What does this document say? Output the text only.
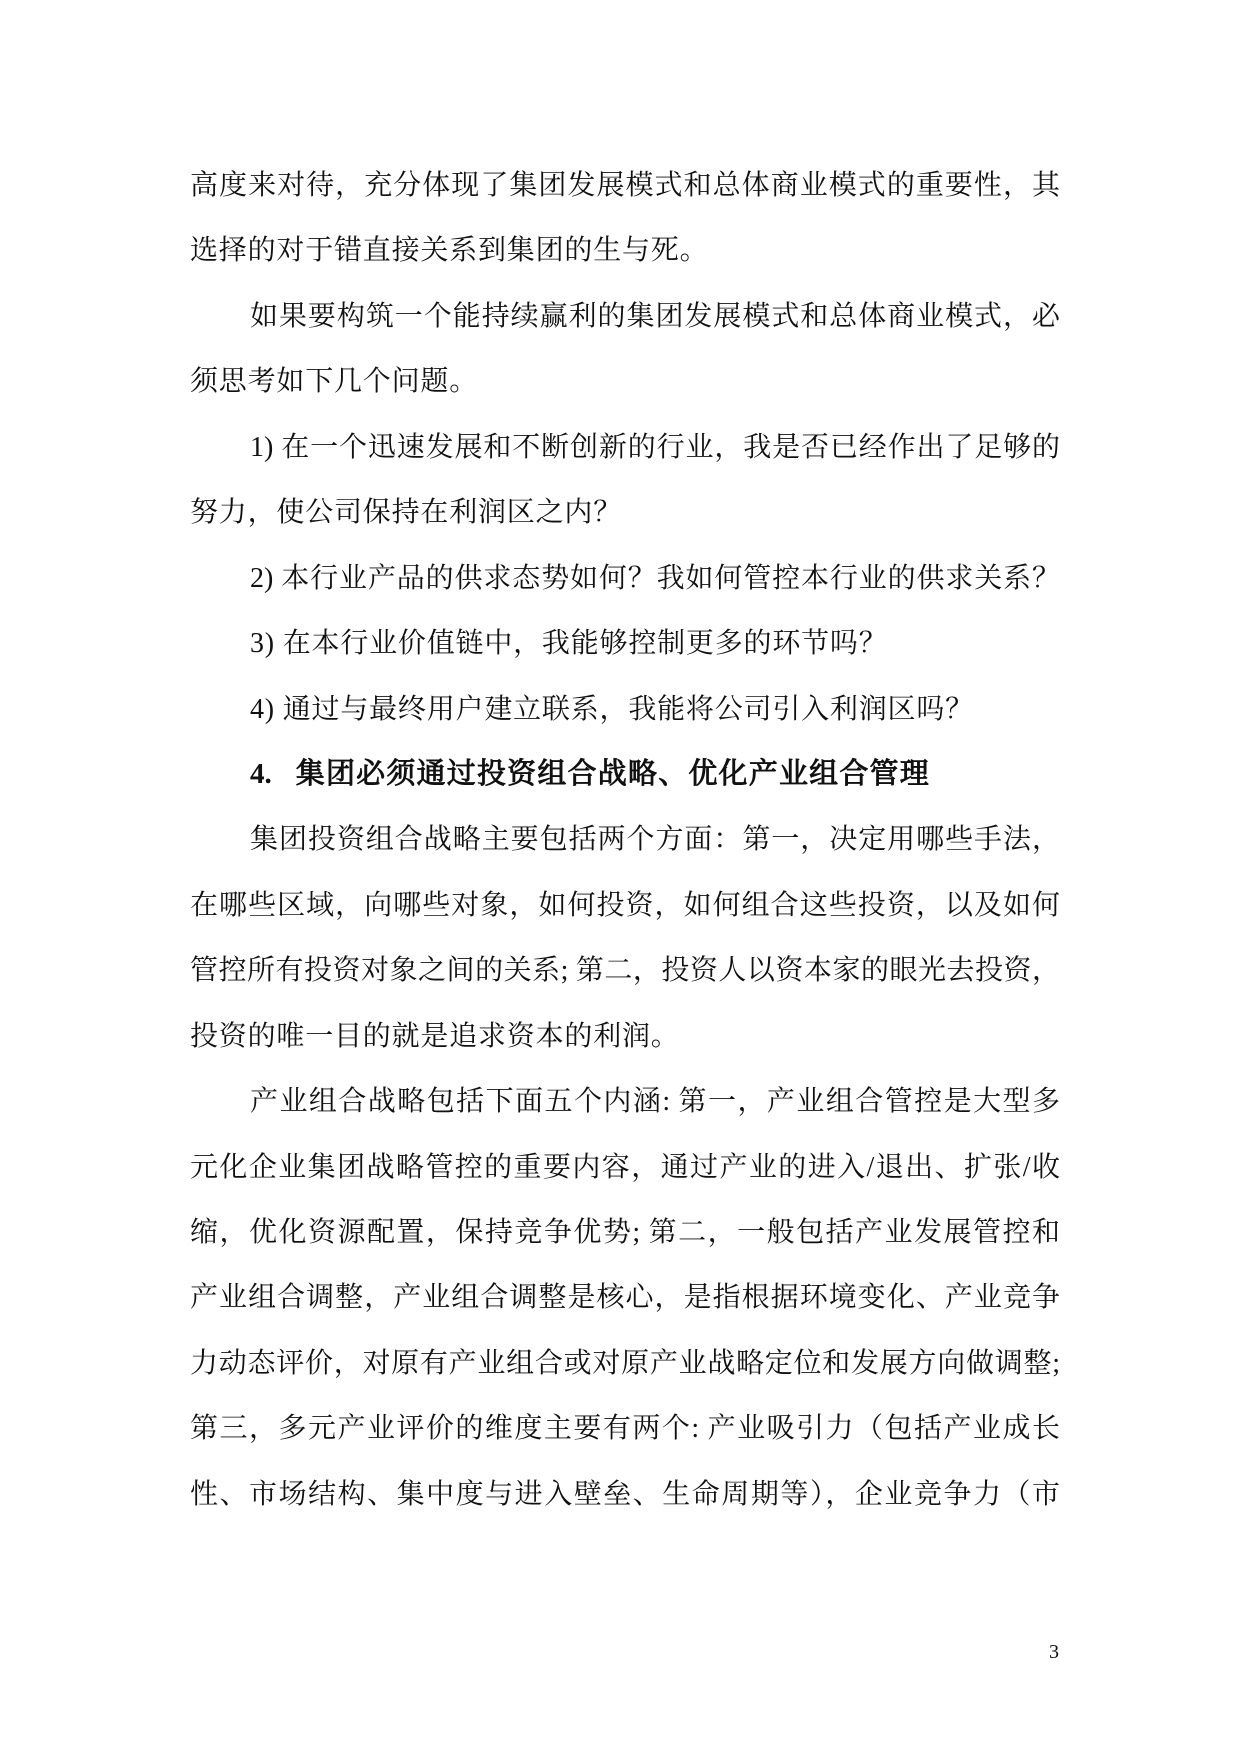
高度来对待，充分体现了集团发展模式和总体商业模式的重要性，其
选择的对于错直接关系到集团的生与死。
如果要构筑一个能持续赢利的集团发展模式和总体商业模式，必
须思考如下几个问题。
1) 在一个迅速发展和不断创新的行业，我是否已经作出了足够的
努力，使公司保持在利润区之内？
2) 本行业产品的供求态势如何？我如何管控本行业的供求关系？
3) 在本行业价值链中，我能够控制更多的环节吗？
4) 通过与最终用户建立联系，我能将公司引入利润区吗？
4. 集团必须通过投资组合战略、优化产业组合管理
集团投资组合战略主要包括两个方面：第一，决定用哪些手法，
在哪些区域，向哪些对象，如何投资，如何组合这些投资，以及如何
管控所有投资对象之间的关系; 第二，投资人以资本家的眼光去投资，
投资的唯一目的就是追求资本的利润。
产业组合战略包括下面五个内涵: 第一，产业组合管控是大型多
元化企业集团战略管控的重要内容，通过产业的进入/退出、扩张/收
缩，优化资源配置，保持竞争优势; 第二，一般包括产业发展管控和
产业组合调整，产业组合调整是核心，是指根据环境变化、产业竞争
力动态评价，对原有产业组合或对原产业战略定位和发展方向做调整;
第三，多元产业评价的维度主要有两个: 产业吸引力（包括产业成长
性、市场结构、集中度与进入壁垒、生命周期等），企业竞争力（市
3
